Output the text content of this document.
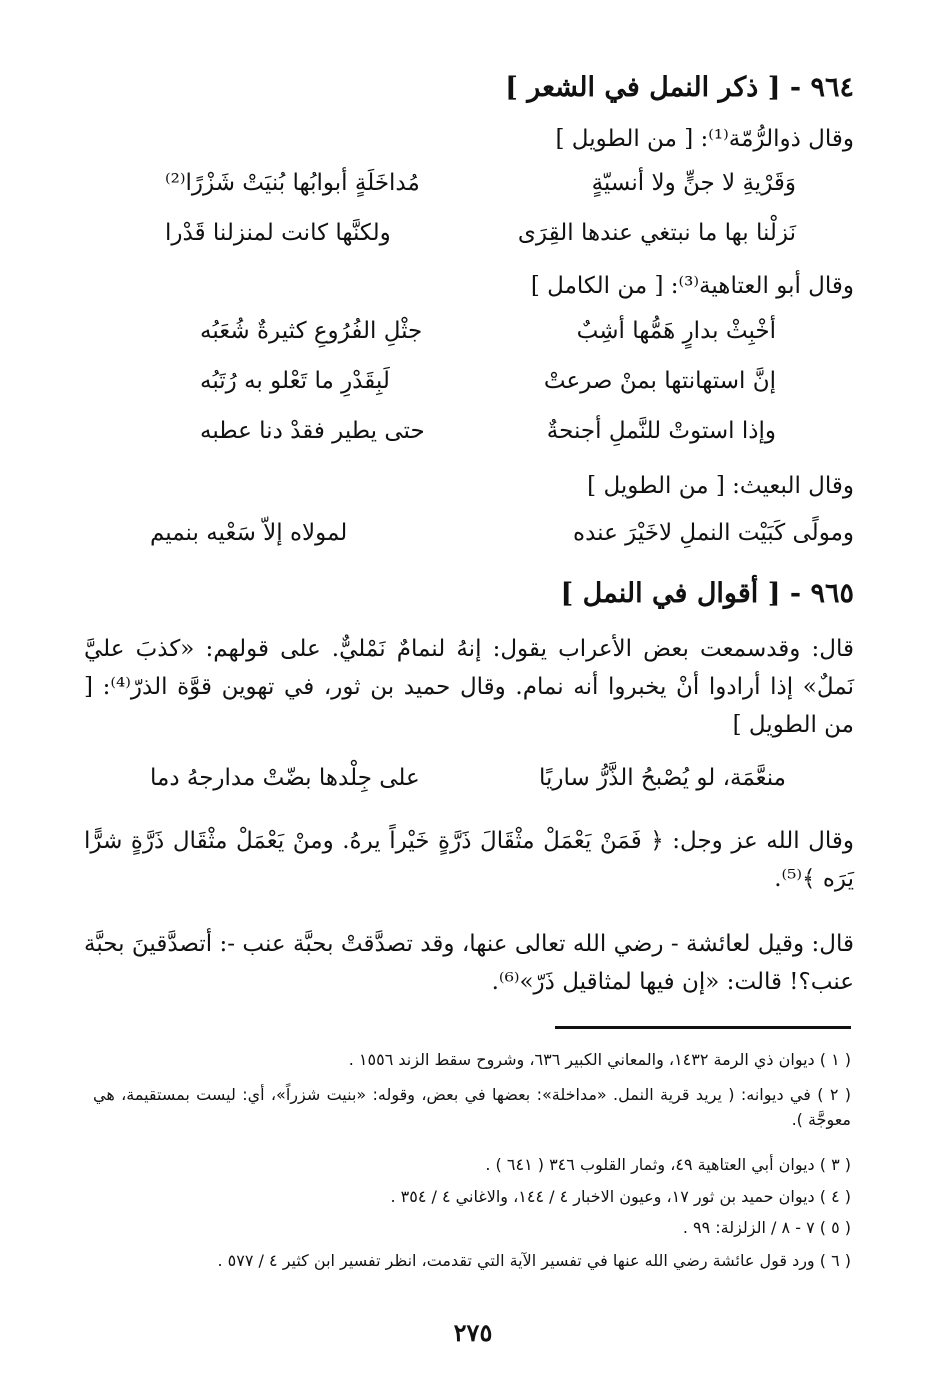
٩٦٤ - [ ذكر النمل في الشعر ]
وقال ذوالرُّمّة⁽¹⁾: [ من الطويل ]
وَقَرْيةِ لا جنٍّ ولا أنسيّةٍ
مُداخَلَةٍ أبوابُها بُنيَتْ شَزْرًا⁽²⁾
نَزلْنا بها ما نبتغي عندها القِرَى
ولكنَّها كانت لمنزلنا قَدْرا
وقال أبو العتاهية⁽³⁾: [ من الكامل ]
أخْبِثْ بدارٍ هَمُّها أشِبٌ
جثْلِ الفُرُوعِ كثيرةٌ شُعَبُه
إنَّ استهانتها بمنْ صرعتْ
لَبِقَدْرِ ما تَعْلو به رُتَبُه
وإذا استوتْ للنَّملِ أجنحةٌ
حتى يطير فقدْ دنا عطبه
وقال البعيث: [ من الطويل ]
ومولًى كَبَيْت النملِ لاخَيْرَ عنده
لمولاه إلاّ سَعْيه بنميم
٩٦٥ - [ أقوال في النمل ]
قال: وقدسمعت بعض الأعراب يقول: إنهُ لنمامٌ نَمْليٌّ. على قولهم: «كذبَ عليَّ نَملٌ» إذا أرادوا أنْ يخبروا أنه نمام. وقال حميد بن ثور، في تهوين قوَّة الذرّ⁽⁴⁾: [ من الطويل ]
منعَّمَة، لو يُصْبحُ الذَّرُّ ساريًا
على جِلْدها بضّتْ مدارجهُ دما
وقال الله عز وجل: ﴿ فَمَنْ يَعْمَلْ مثْقَالَ ذَرَّةٍ خَيْراً يرهُ. ومنْ يَعْمَلْ مثْقَال ذَرَّةٍ شرًّا يَرَه ﴾⁽⁵⁾.
قال: وقيل لعائشة - رضي الله تعالى عنها، وقد تصدَّقتْ بحبَّة عنب -: أتصدَّقينَ بحبَّة عنب؟! قالت: «إن فيها لمثاقيل ذَرّ»⁽⁶⁾.
( ١ ) ديوان ذي الرمة ١٤٣٢، والمعاني الكبير ٦٣٦، وشروح سقط الزند ١٥٥٦ .
( ٢ ) في ديوانه: ( يريد قرية النمل. «مداخلة»: بعضها في بعض، وقوله: «بنيت شزراً»، أي: ليست بمستقيمة، هي معوجَّة ).
( ٣ ) ديوان أبي العتاهية ٤٩، وثمار القلوب ٣٤٦ ( ٦٤١ ) .
( ٤ ) ديوان حميد بن ثور ١٧، وعيون الاخبار ٤ / ١٤٤، والاغاني ٤ / ٣٥٤ .
( ٥ ) ٧ - ٨ / الزلزلة: ٩٩ .
( ٦ ) ورد قول عائشة رضي الله عنها في تفسير الآية التي تقدمت، انظر تفسير ابن كثير ٤ / ٥٧٧ .
٢٧٥
